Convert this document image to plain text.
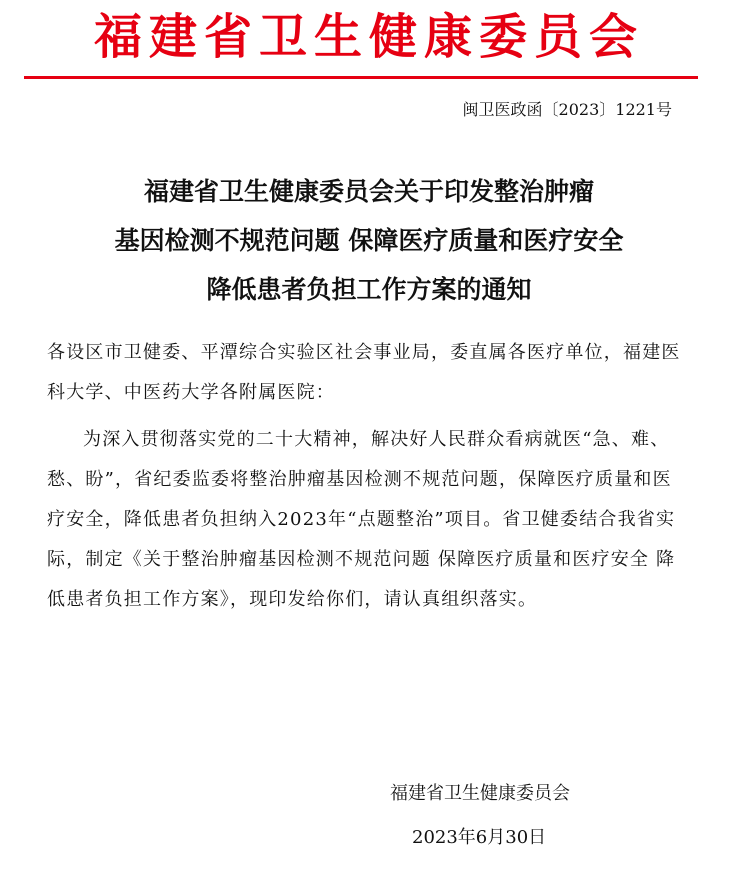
福建省卫生健康委员会
闽卫医政函〔2023〕1221号
福建省卫生健康委员会关于印发整治肿瘤
基因检测不规范问题 保障医疗质量和医疗安全
降低患者负担工作方案的通知
各设区市卫健委、平潭综合实验区社会事业局，委直属各医疗单位，福建医科大学、中医药大学各附属医院：
为深入贯彻落实党的二十大精神，解决好人民群众看病就医“急、难、愁、盼”，省纪委监委将整治肿瘤基因检测不规范问题，保障医疗质量和医疗安全，降低患者负担纳入2023年“点题整治”项目。省卫健委结合我省实际，制定《关于整治肿瘤基因检测不规范问题 保障医疗质量和医疗安全 降低患者负担工作方案》，现印发给你们，请认真组织落实。
福建省卫生健康委员会
2023年6月30日
